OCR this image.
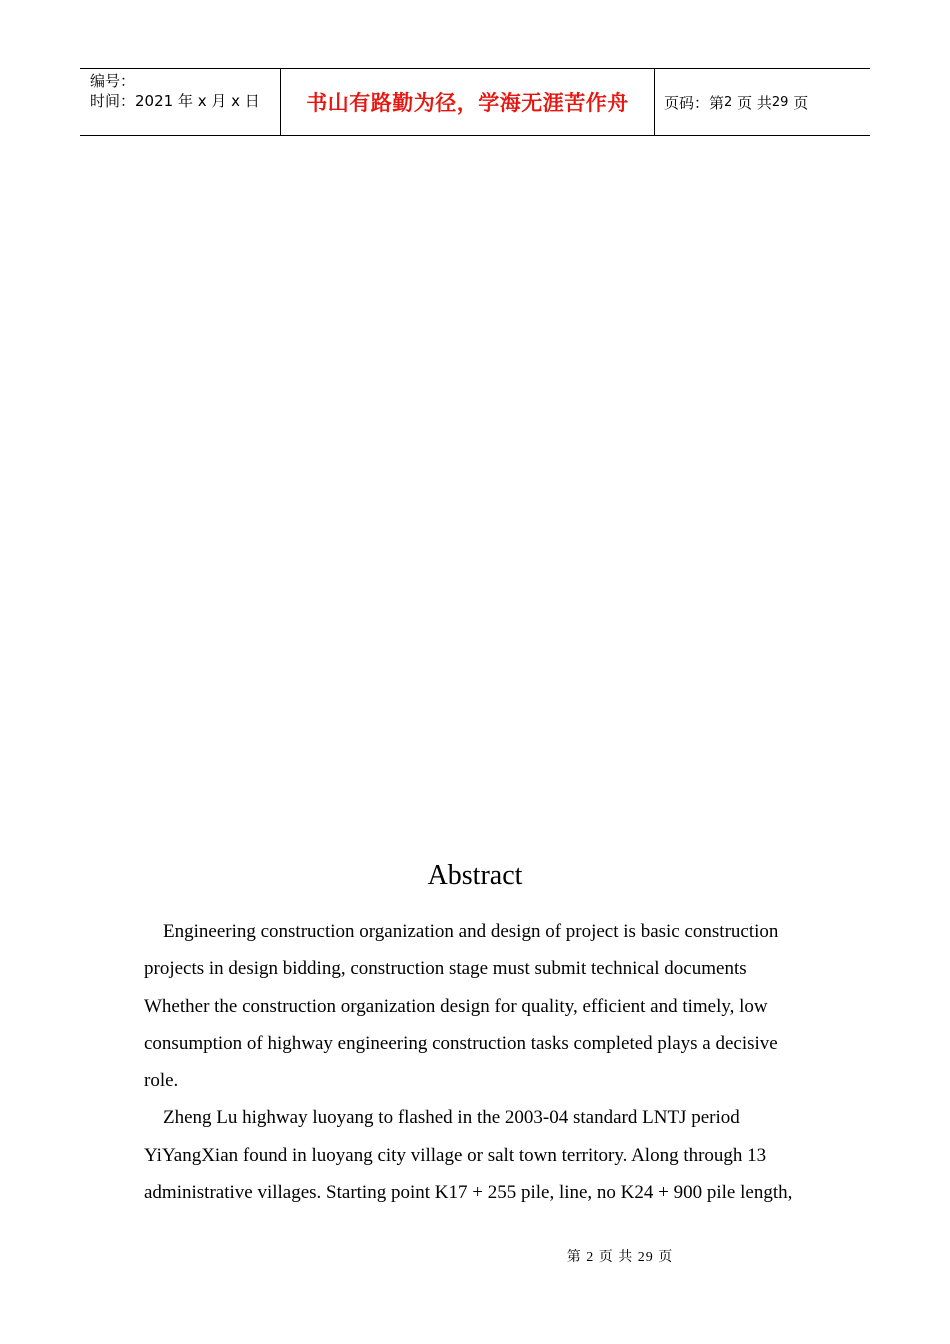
编号：
时间：2021 年 x 月 x 日	书山有路勤为径，学海无涯苦作舟 页码：第 2
页 共 29
页
Abstract

Engineering construction organization and design of project is basic construction projects in design bidding, construction stage must submit technical documents Whether the construction organization design for quality, efficient and timely, low consumption of highway engineering construction tasks completed plays a decisive role.

Zheng Lu highway luoyang to flashed in the 2003-04 standard LNTJ period YiYangXian found in luoyang city village or salt town territory. Along through 13 administrative villages. Starting point K17 + 255 pile, line, no K24 + 900 pile length,

第 2 页 共 29 页
